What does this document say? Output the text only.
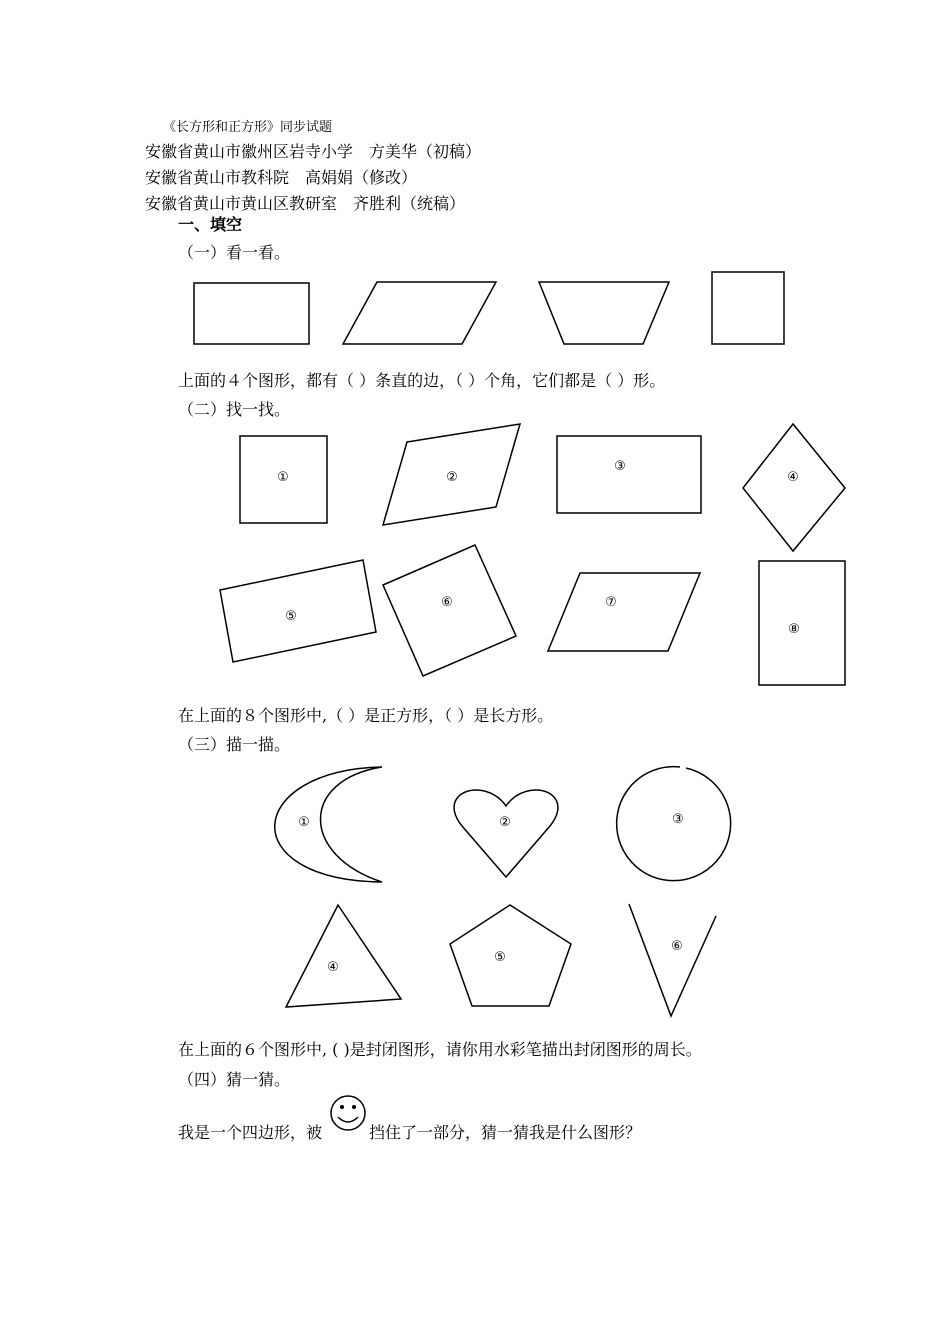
《长方形和正方形》同步试题
安徽省黄山市徽州区岩寺小学　方美华（初稿）
安徽省黄山市教科院　高娟娟（修改）
安徽省黄山市黄山区教研室　齐胜利（统稿）
一、填空
（一）看一看。
上面的４个图形，都有（ ）条直的边，（ ）个角，它们都是（ ）形。
（二）找一找。
在上面的８个图形中,（ ）是正方形，（ ）是长方形。
（三）描一描。
在上面的６个图形中, ( )是封闭图形，请你用水彩笔描出封闭图形的周长。
（四）猜一猜。
我是一个四边形，被	挡住了一部分，猜一猜我是什么图形？
①	②
③
④
⑤
⑥	⑦
⑧
①	②	③
④
⑤
⑥
